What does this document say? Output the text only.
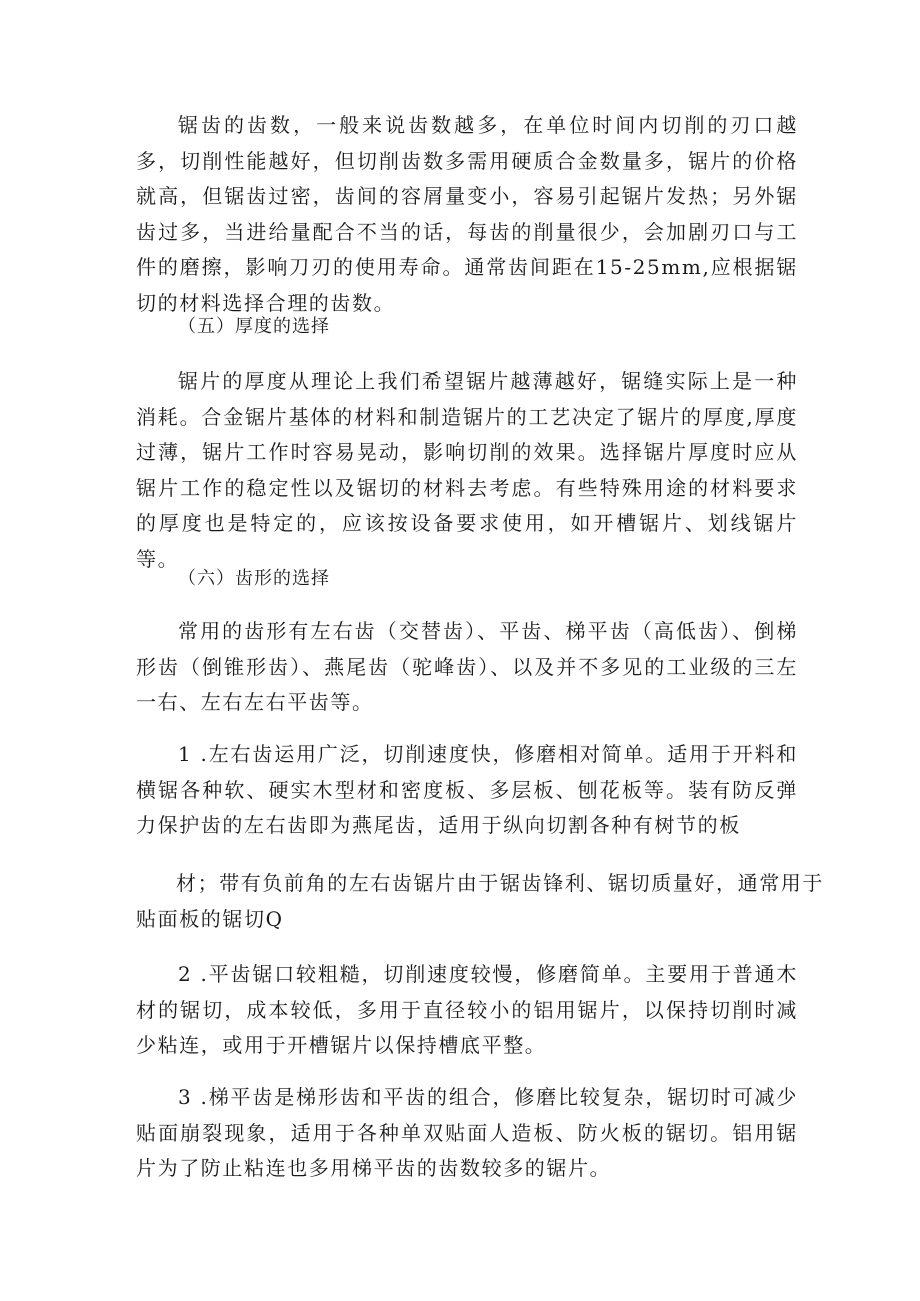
锯齿的齿数，一般来说齿数越多，在单位时间内切削的刃口越多，切削性能越好，但切削齿数多需用硬质合金数量多，锯片的价格就高，但锯齿过密，齿间的容屑量变小，容易引起锯片发热；另外锯齿过多，当进给量配合不当的话，每齿的削量很少，会加剧刃口与工件的磨擦，影响刀刃的使用寿命。通常齿间距在15-25mm,应根据锯切的材料选择合理的齿数。

（五）厚度的选择

锯片的厚度从理论上我们希望锯片越薄越好，锯缝实际上是一种消耗。合金锯片基体的材料和制造锯片的工艺决定了锯片的厚度,厚度过薄，锯片工作时容易晃动，影响切削的效果。选择锯片厚度时应从锯片工作的稳定性以及锯切的材料去考虑。有些特殊用途的材料要求的厚度也是特定的，应该按设备要求使用，如开槽锯片、划线锯片等。

（六）齿形的选择

常用的齿形有左右齿（交替齿）、平齿、梯平齿（高低齿）、倒梯形齿（倒锥形齿）、燕尾齿（驼峰齿）、以及并不多见的工业级的三左一右、左右左右平齿等。

1 .左右齿运用广泛，切削速度快，修磨相对简单。适用于开料和横锯各种软、硬实木型材和密度板、多层板、刨花板等。装有防反弹力保护齿的左右齿即为燕尾齿，适用于纵向切割各种有树节的板

材；带有负前角的左右齿锯片由于锯齿锋利、锯切质量好，通常用于

贴面板的锯切Q

2 .平齿锯口较粗糙，切削速度较慢，修磨简单。主要用于普通木材的锯切，成本较低，多用于直径较小的铝用锯片，以保持切削时减少粘连，或用于开槽锯片以保持槽底平整。

3 .梯平齿是梯形齿和平齿的组合，修磨比较复杂，锯切时可减少贴面崩裂现象，适用于各种单双贴面人造板、防火板的锯切。铝用锯片为了防止粘连也多用梯平齿的齿数较多的锯片。
